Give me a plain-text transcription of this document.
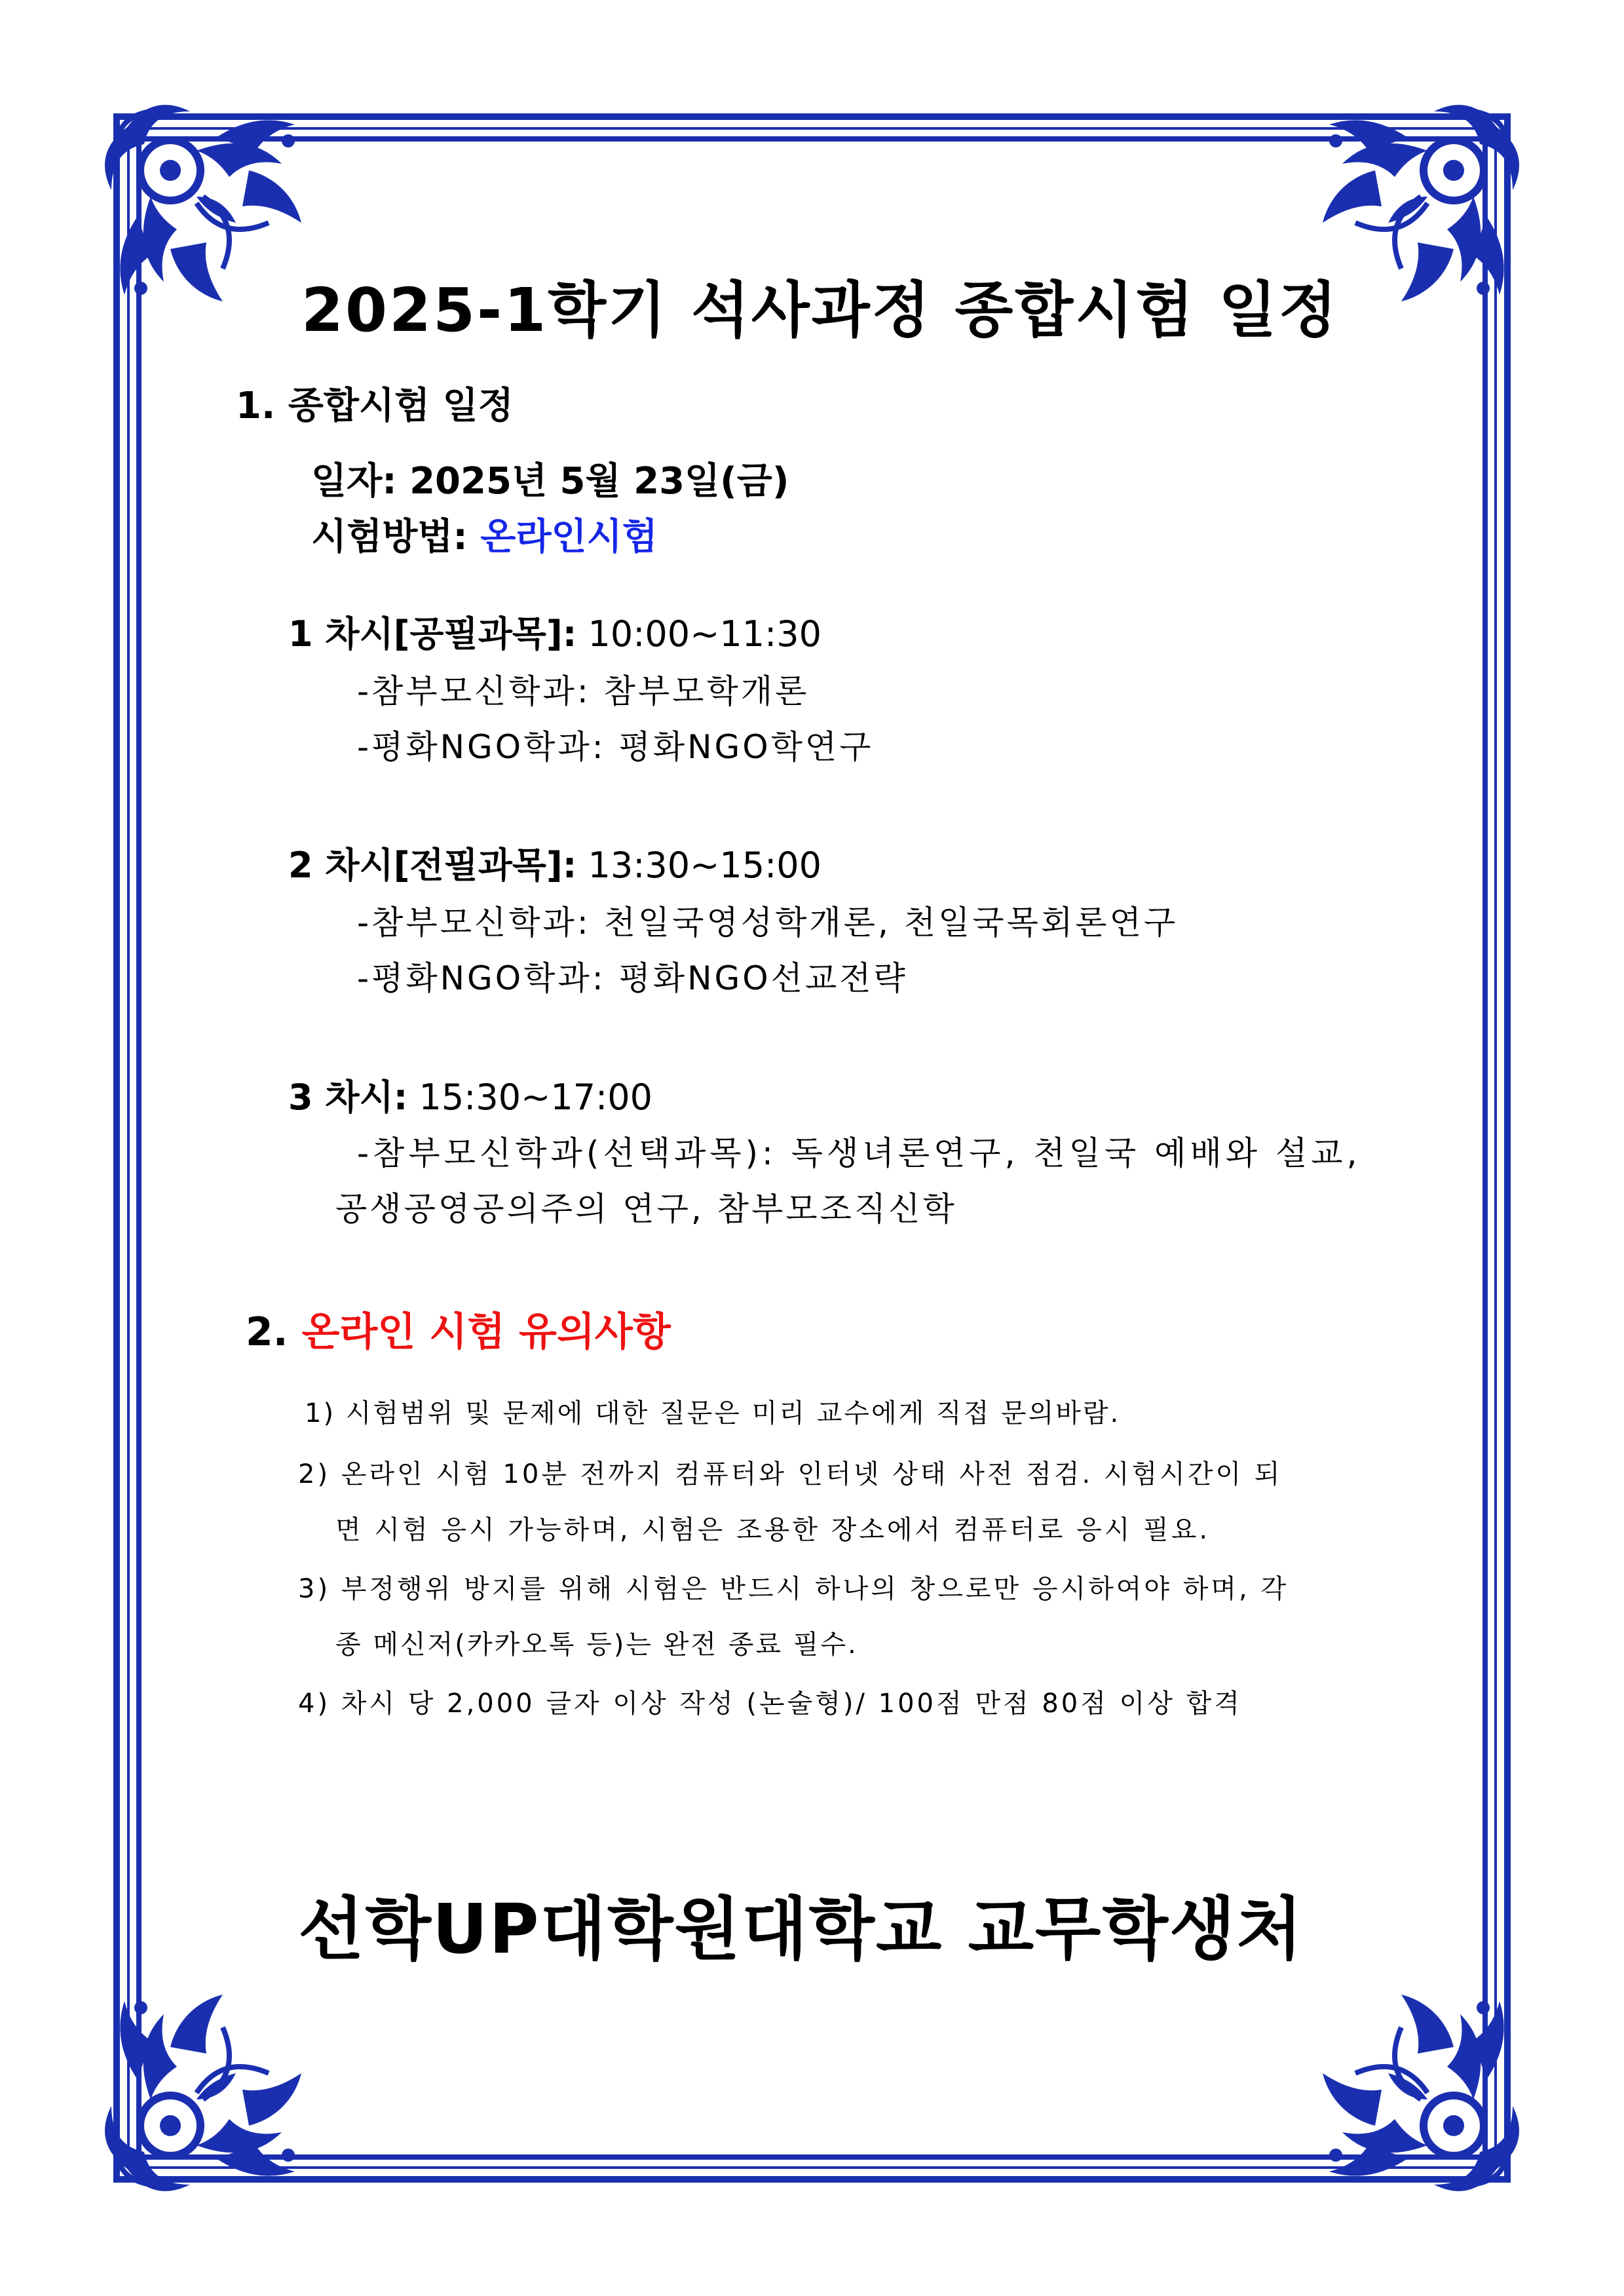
2025-1학기 석사과정 종합시험 일정
1. 종합시험 일정
일자: 2025년 5월 23일(금)
시험방법: 온라인시험
1 차시[공필과목]: 10:00~11:30
-참부모신학과: 참부모학개론
-평화NGO학과: 평화NGO학연구
2 차시[전필과목]: 13:30~15:00
-참부모신학과: 천일국영성학개론, 천일국목회론연구
-평화NGO학과: 평화NGO선교전략
3 차시: 15:30~17:00
-참부모신학과(선택과목): 독생녀론연구, 천일국 예배와 설교,
공생공영공의주의 연구, 참부모조직신학
2. 온라인 시험 유의사항
1) 시험범위 및 문제에 대한 질문은 미리 교수에게 직접 문의바람.
2) 온라인 시험 10분 전까지 컴퓨터와 인터넷 상태 사전 점검. 시험시간이 되
면 시험 응시 가능하며, 시험은 조용한 장소에서 컴퓨터로 응시 필요.
3) 부정행위 방지를 위해 시험은 반드시 하나의 창으로만 응시하여야 하며, 각
종 메신저(카카오톡 등)는 완전 종료 필수.
4) 차시 당 2,000 글자 이상 작성 (논술형)/ 100점 만점 80점 이상 합격
선학UP대학원대학교 교무학생처
